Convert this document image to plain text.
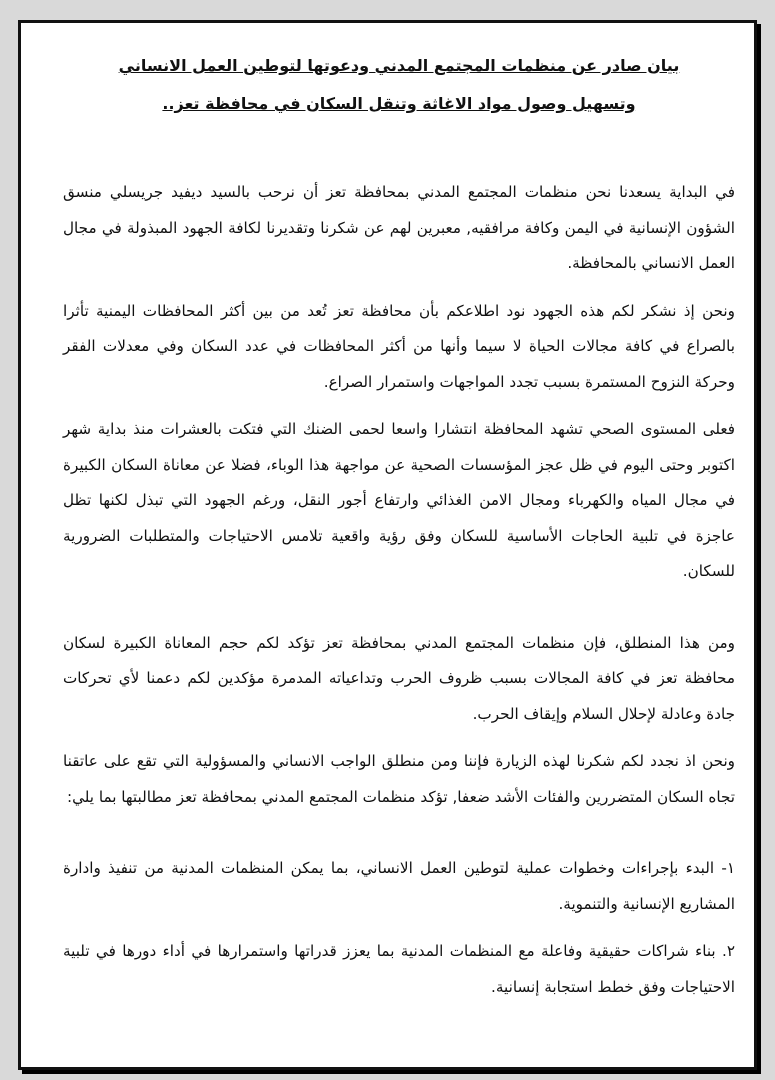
بيان صادر عن منظمات المجتمع المدني ودعوتها لتوطين العمل الانساني
وتسهيل وصول مواد الاغاثة وتنقل السكان في محافظة تعز..

في البداية يسعدنا نحن منظمات المجتمع المدني بمحافظة تعز أن نرحب بالسيد ديفيد جريسلي منسق الشؤون الإنسانية في اليمن وكافة مرافقيه, معبرين لهم عن شكرنا وتقديرنا لكافة الجهود المبذولة في مجال العمل الانساني بالمحافظة.

ونحن إذ نشكر لكم هذه الجهود نود اطلاعكم بأن محافظة تعز تُعد من بين أكثر المحافظات اليمنية تأثرا بالصراع في كافة مجالات الحياة لا سيما وأنها من أكثر المحافظات في عدد السكان وفي معدلات الفقر وحركة النزوح المستمرة بسبب تجدد المواجهات واستمرار الصراع.

فعلى المستوى الصحي تشهد المحافظة انتشارا واسعا لحمى الضنك التي فتكت بالعشرات منذ بداية شهر اكتوبر وحتى اليوم في ظل عجز المؤسسات الصحية عن مواجهة هذا الوباء، فضلا عن معاناة السكان الكبيرة في مجال المياه والكهرباء ومجال الامن الغذائي وارتفاع أجور النقل، ورغم الجهود التي تبذل لكنها تظل عاجزة في تلبية الحاجات الأساسية للسكان وفق رؤية واقعية تلامس الاحتياجات والمتطلبات الضرورية للسكان.

ومن هذا المنطلق، فإن منظمات المجتمع المدني بمحافظة تعز تؤكد لكم حجم المعاناة الكبيرة لسكان محافظة تعز في كافة المجالات بسبب ظروف الحرب وتداعياته المدمرة مؤكدين لكم دعمنا لأي تحركات جادة وعادلة لإحلال السلام وإيقاف الحرب.

ونحن اذ نجدد لكم شكرنا لهذه الزيارة فإننا ومن منطلق الواجب الانساني والمسؤولية التي تقع على عاتقنا تجاه السكان المتضررين والفئات الأشد ضعفا, تؤكد منظمات المجتمع المدني بمحافظة تعز مطالبتها بما يلي:

١- البدء بإجراءات وخطوات عملية لتوطين العمل الانساني، بما يمكن المنظمات المدنية من تنفيذ وادارة المشاريع الإنسانية والتنموية.

٢. بناء شراكات حقيقية وفاعلة مع المنظمات المدنية بما يعزز قدراتها واستمرارها في أداء دورها في تلبية الاحتياجات وفق خطط استجابة إنسانية.
